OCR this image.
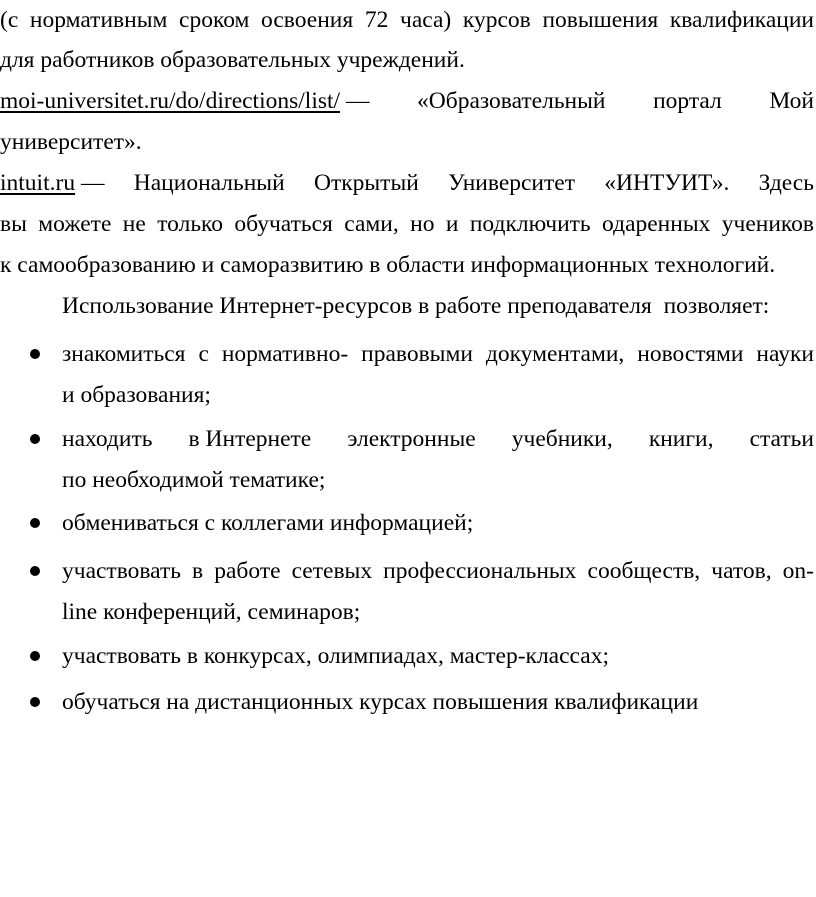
(с нормативным сроком освоения 72 часа) курсов повышения квалификации
для работников образовательных учреждений.
moi-universitet.ru/do/directions/list/ — «Образовательный портал Мой
университет».
intuit.ru — Национальный Открытый Университет «ИНТУИТ». Здесь
вы можете не только обучаться сами, но и подключить одаренных учеников
к самообразованию и саморазвитию в области информационных технологий.
Использование Интернет-ресурсов в работе преподавателя  позволяет:
знакомиться с нормативно- правовыми документами, новостями науки
и образования;
находить в Интернете электронные учебники, книги, статьи
по необходимой тематике;
обмениваться с коллегами информацией;
участвовать в работе сетевых профессиональных сообществ, чатов, on-
line конференций, семинаров;
участвовать в конкурсах, олимпиадах, мастер-классах;
обучаться на дистанционных курсах повышения квалификации
